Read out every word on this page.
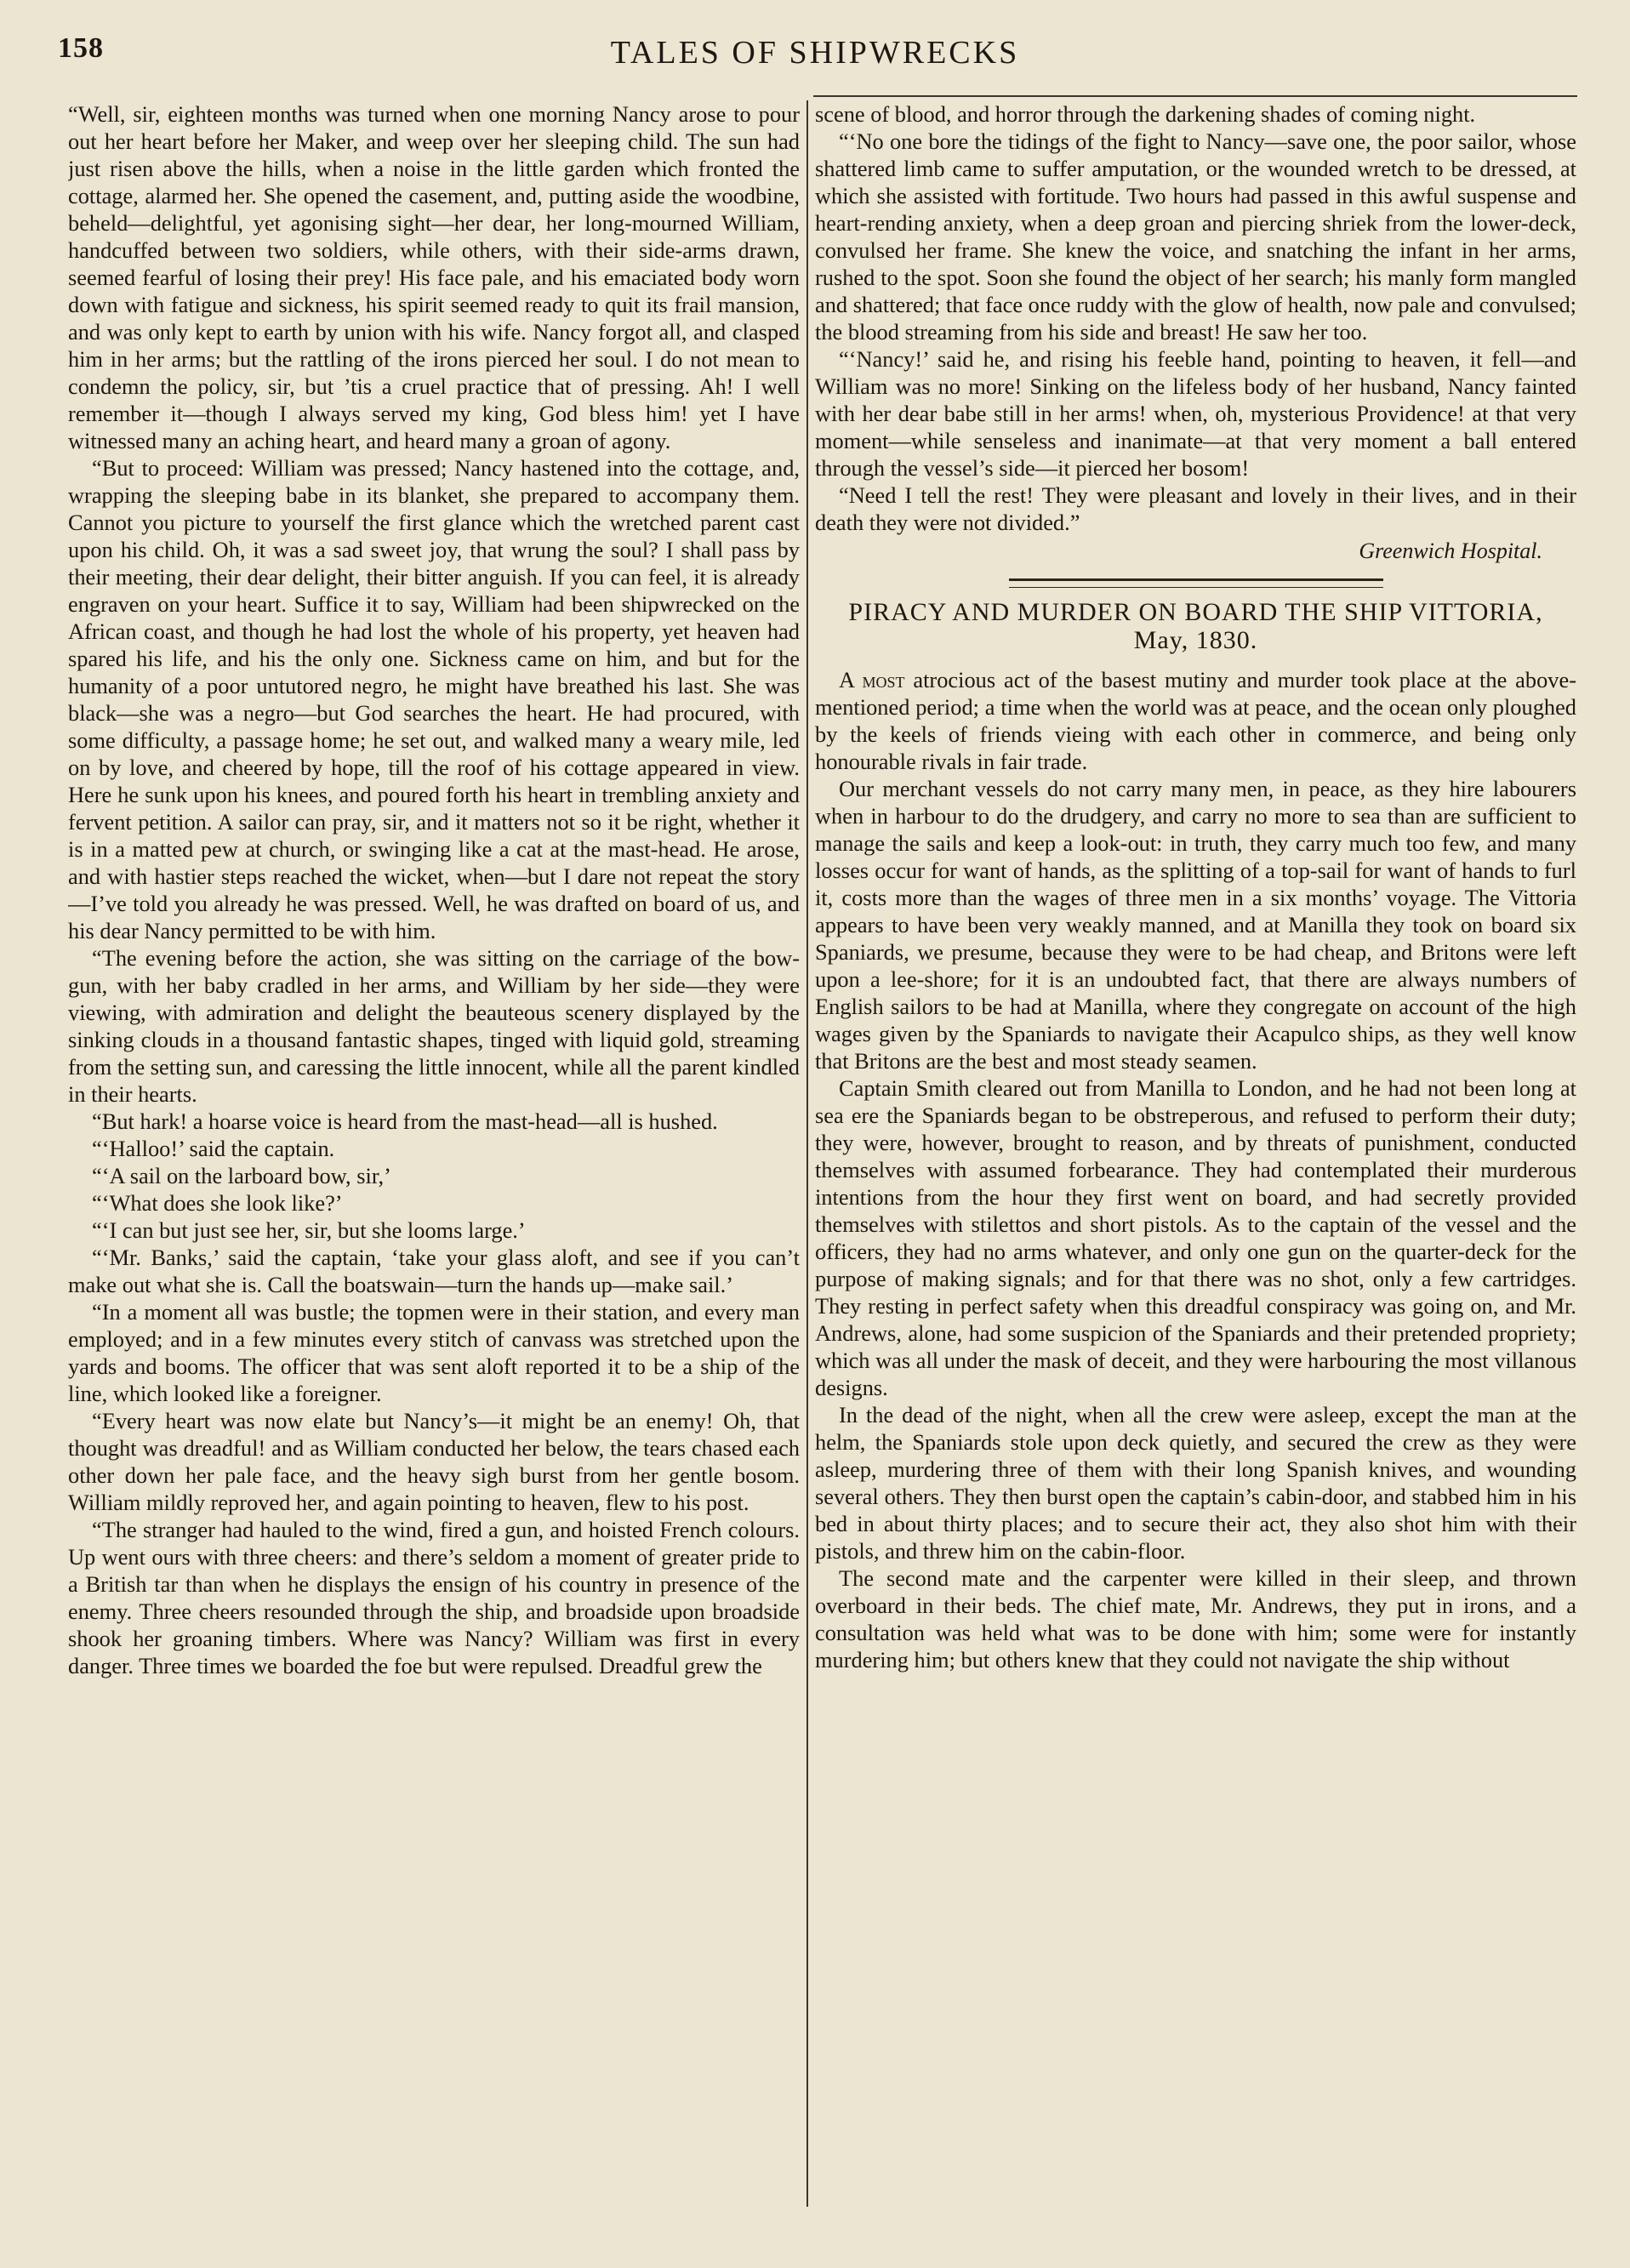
158	TALES OF SHIPWRECKS

“Well, sir, eighteen months was turned when one morning Nancy arose to pour out her heart before her Maker, and weep over her sleeping child. The sun had just risen above the hills, when a noise in the little garden which fronted the cottage, alarmed her. She opened the casement, and, putting aside the woodbine, beheld—delightful, yet agonising sight—her dear, her long-mourned William, handcuffed between two soldiers, while others, with their side-arms drawn, seemed fearful of losing their prey! His face pale, and his emaciated body worn down with fatigue and sickness, his spirit seemed ready to quit its frail mansion, and was only kept to earth by union with his wife. Nancy forgot all, and clasped him in her arms; but the rattling of the irons pierced her soul. I do not mean to condemn the policy, sir, but ’tis a cruel practice that of pressing. Ah! I well remember it—though I always served my king, God bless him! yet I have witnessed many an aching heart, and heard many a groan of agony.

“But to proceed: William was pressed; Nancy hastened into the cottage, and, wrapping the sleeping babe in its blanket, she prepared to accompany them. Cannot you picture to yourself the first glance which the wretched parent cast upon his child. Oh, it was a sad sweet joy, that wrung the soul? I shall pass by their meeting, their dear delight, their bitter anguish. If you can feel, it is already engraven on your heart. Suffice it to say, William had been shipwrecked on the African coast, and though he had lost the whole of his property, yet heaven had spared his life, and his the only one. Sickness came on him, and but for the humanity of a poor untutored negro, he might have breathed his last. She was black—she was a negro—but God searches the heart. He had procured, with some difficulty, a passage home; he set out, and walked many a weary mile, led on by love, and cheered by hope, till the roof of his cottage appeared in view. Here he sunk upon his knees, and poured forth his heart in trembling anxiety and fervent petition. A sailor can pray, sir, and it matters not so it be right, whether it is in a matted pew at church, or swinging like a cat at the mast-head. He arose, and with hastier steps reached the wicket, when—but I dare not repeat the story—I’ve told you already he was pressed. Well, he was drafted on board of us, and his dear Nancy permitted to be with him.

“The evening before the action, she was sitting on the carriage of the bow-gun, with her baby cradled in her arms, and William by her side—they were viewing, with admiration and delight the beauteous scenery displayed by the sinking clouds in a thousand fantastic shapes, tinged with liquid gold, streaming from the setting sun, and caressing the little innocent, while all the parent kindled in their hearts.

“But hark! a hoarse voice is heard from the mast-head—all is hushed.

“‘Halloo!’ said the captain.

“‘A sail on the larboard bow, sir,’

“‘What does she look like?’

“‘I can but just see her, sir, but she looms large.’

“‘Mr. Banks,’ said the captain, ‘take your glass aloft, and see if you can’t make out what she is. Call the boatswain—turn the hands up—make sail.’

“In a moment all was bustle; the topmen were in their station, and every man employed; and in a few minutes every stitch of canvass was stretched upon the yards and booms. The officer that was sent aloft reported it to be a ship of the line, which looked like a foreigner.

“Every heart was now elate but Nancy’s—it might be an enemy! Oh, that thought was dreadful! and as William conducted her below, the tears chased each other down her pale face, and the heavy sigh burst from her gentle bosom. William mildly reproved her, and again pointing to heaven, flew to his post.

“The stranger had hauled to the wind, fired a gun, and hoisted French colours. Up went ours with three cheers: and there’s seldom a moment of greater pride to a British tar than when he displays the ensign of his country in presence of the enemy. Three cheers resounded through the ship, and broadside upon broadside shook her groaning timbers. Where was Nancy? William was first in every danger. Three times we boarded the foe but were repulsed. Dreadful grew the

scene of blood, and horror through the darkening shades of coming night.

“‘No one bore the tidings of the fight to Nancy—save one, the poor sailor, whose shattered limb came to suffer amputation, or the wounded wretch to be dressed, at which she assisted with fortitude. Two hours had passed in this awful suspense and heart-rending anxiety, when a deep groan and piercing shriek from the lower-deck, convulsed her frame. She knew the voice, and snatching the infant in her arms, rushed to the spot. Soon she found the object of her search; his manly form mangled and shattered; that face once ruddy with the glow of health, now pale and convulsed; the blood streaming from his side and breast! He saw her too.

“‘Nancy!’ said he, and rising his feeble hand, pointing to heaven, it fell—and William was no more! Sinking on the lifeless body of her husband, Nancy fainted with her dear babe still in her arms! when, oh, mysterious Providence! at that very moment—while senseless and inanimate—at that very moment a ball entered through the vessel’s side—it pierced her bosom!

“Need I tell the rest! They were pleasant and lovely in their lives, and in their death they were not divided.”

Greenwich Hospital.
PIRACY AND MURDER ON BOARD THE SHIP VITTORIA, May, 1830.

A most atrocious act of the basest mutiny and murder took place at the above-mentioned period; a time when the world was at peace, and the ocean only ploughed by the keels of friends vieing with each other in commerce, and being only honourable rivals in fair trade.

Our merchant vessels do not carry many men, in peace, as they hire labourers when in harbour to do the drudgery, and carry no more to sea than are sufficient to manage the sails and keep a look-out: in truth, they carry much too few, and many losses occur for want of hands, as the splitting of a top-sail for want of hands to furl it, costs more than the wages of three men in a six months’ voyage. The Vittoria appears to have been very weakly manned, and at Manilla they took on board six Spaniards, we presume, because they were to be had cheap, and Britons were left upon a lee-shore; for it is an undoubted fact, that there are always numbers of English sailors to be had at Manilla, where they congregate on account of the high wages given by the Spaniards to navigate their Acapulco ships, as they well know that Britons are the best and most steady seamen.

Captain Smith cleared out from Manilla to London, and he had not been long at sea ere the Spaniards began to be obstreperous, and refused to perform their duty; they were, however, brought to reason, and by threats of punishment, conducted themselves with assumed forbearance. They had contemplated their murderous intentions from the hour they first went on board, and had secretly provided themselves with stilettos and short pistols. As to the captain of the vessel and the officers, they had no arms whatever, and only one gun on the quarter-deck for the purpose of making signals; and for that there was no shot, only a few cartridges. They resting in perfect safety when this dreadful conspiracy was going on, and Mr. Andrews, alone, had some suspicion of the Spaniards and their pretended propriety; which was all under the mask of deceit, and they were harbouring the most villanous designs.

In the dead of the night, when all the crew were asleep, except the man at the helm, the Spaniards stole upon deck quietly, and secured the crew as they were asleep, murdering three of them with their long Spanish knives, and wounding several others. They then burst open the captain’s cabin-door, and stabbed him in his bed in about thirty places; and to secure their act, they also shot him with their pistols, and threw him on the cabin-floor.

The second mate and the carpenter were killed in their sleep, and thrown overboard in their beds. The chief mate, Mr. Andrews, they put in irons, and a consultation was held what was to be done with him; some were for instantly murdering him; but others knew that they could not navigate the ship without
